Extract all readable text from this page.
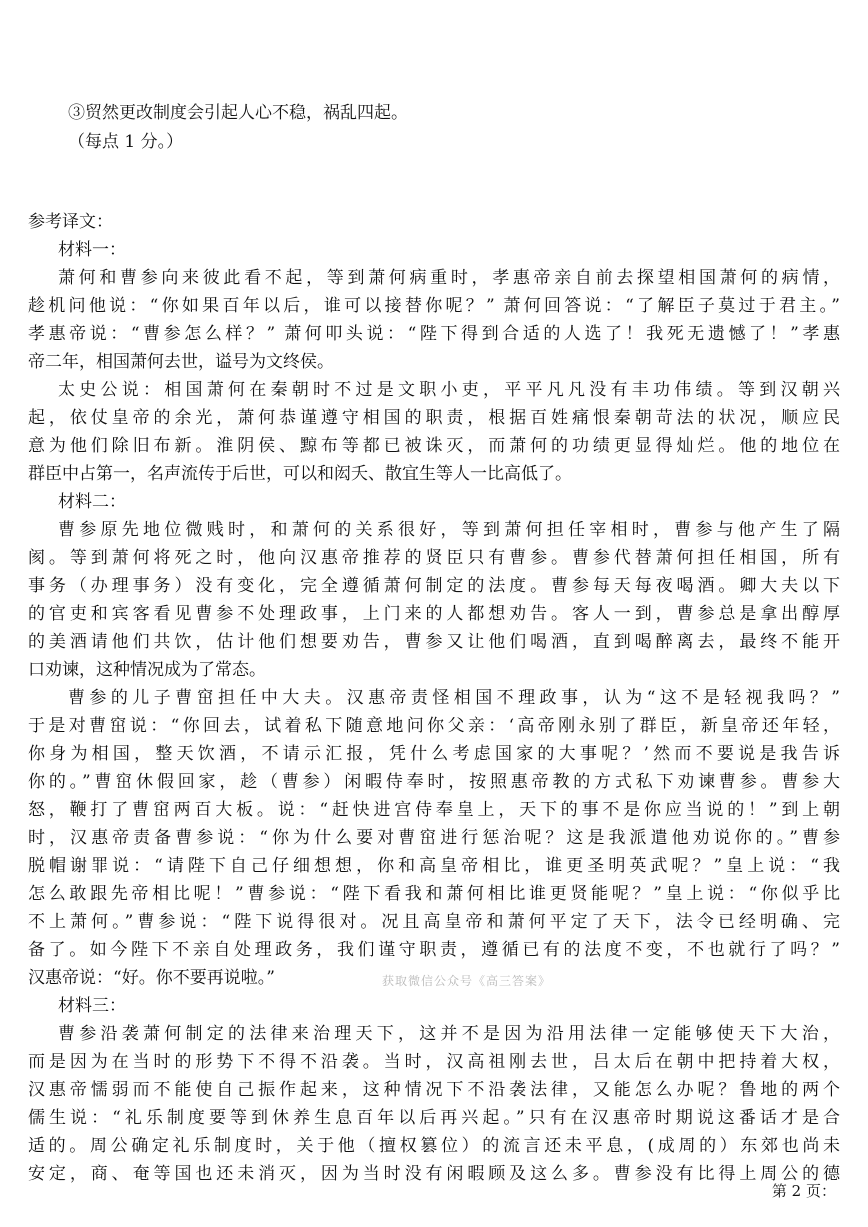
③贸然更改制度会引起人心不稳，祸乱四起。
（每点 1 分。）
参考译文：
材料一：
萧何和曹参向来彼此看不起，等到萧何病重时，孝惠帝亲自前去探望相国萧何的病情，
趁机问他说：“你如果百年以后，谁可以接替你呢？” 萧何回答说：“了解臣子莫过于君主。”
孝惠帝说：“曹参怎么样？” 萧何叩头说：“陛下得到合适的人选了！我死无遗憾了！”孝惠
帝二年，相国萧何去世，谥号为文终侯。
太史公说：相国萧何在秦朝时不过是文职小吏，平平凡凡没有丰功伟绩。等到汉朝兴
起，依仗皇帝的余光，萧何恭谨遵守相国的职责，根据百姓痛恨秦朝苛法的状况，顺应民
意为他们除旧布新。淮阴侯、黥布等都已被诛灭，而萧何的功绩更显得灿烂。他的地位在
群臣中占第一，名声流传于后世，可以和闳夭、散宜生等人一比高低了。
材料二：
曹参原先地位微贱时，和萧何的关系很好，等到萧何担任宰相时，曹参与他产生了隔
阂。等到萧何将死之时，他向汉惠帝推荐的贤臣只有曹参。曹参代替萧何担任相国，所有
事务（办理事务）没有变化，完全遵循萧何制定的法度。曹参每天每夜喝酒。卿大夫以下
的官吏和宾客看见曹参不处理政事，上门来的人都想劝告。客人一到，曹参总是拿出醇厚
的美酒请他们共饮，估计他们想要劝告，曹参又让他们喝酒，直到喝醉离去，最终不能开
口劝谏，这种情况成为了常态。
曹参的儿子曹窋担任中大夫。汉惠帝责怪相国不理政事，认为“这不是轻视我吗？”
于是对曹窋说：“你回去，试着私下随意地问你父亲：‘高帝刚永别了群臣，新皇帝还年轻，
你身为相国，整天饮酒，不请示汇报，凭什么考虑国家的大事呢？’然而不要说是我告诉
你的。”曹窋休假回家，趁（曹参）闲暇侍奉时，按照惠帝教的方式私下劝谏曹参。曹参大
怒，鞭打了曹窋两百大板。说：“赶快进宫侍奉皇上，天下的事不是你应当说的！”到上朝
时，汉惠帝责备曹参说：“你为什么要对曹窋进行惩治呢？这是我派遣他劝说你的。”曹参
脱帽谢罪说：“请陛下自己仔细想想，你和高皇帝相比，谁更圣明英武呢？”皇上说：“我
怎么敢跟先帝相比呢！”曹参说：“陛下看我和萧何相比谁更贤能呢？”皇上说：“你似乎比
不上萧何。”曹参说：“陛下说得很对。况且高皇帝和萧何平定了天下，法令已经明确、完
备了。如今陛下不亲自处理政务，我们谨守职责，遵循已有的法度不变，不也就行了吗？”
汉惠帝说：“好。你不要再说啦。”
材料三：
曹参沿袭萧何制定的法律来治理天下，这并不是因为沿用法律一定能够使天下大治，
而是因为在当时的形势下不得不沿袭。当时，汉高祖刚去世，吕太后在朝中把持着大权，
汉惠帝懦弱而不能使自己振作起来，这种情况下不沿袭法律，又能怎么办呢？鲁地的两个
儒生说：“礼乐制度要等到休养生息百年以后再兴起。”只有在汉惠帝时期说这番话才是合
适的。周公确定礼乐制度时，关于他（擅权篡位）的流言还未平息，(成周的）东郊也尚未
安定，商、奄等国也还未消灭，因为当时没有闲暇顾及这么多。曹参没有比得上周公的德
获取微信公众号《高三答案》
第 2 页：
